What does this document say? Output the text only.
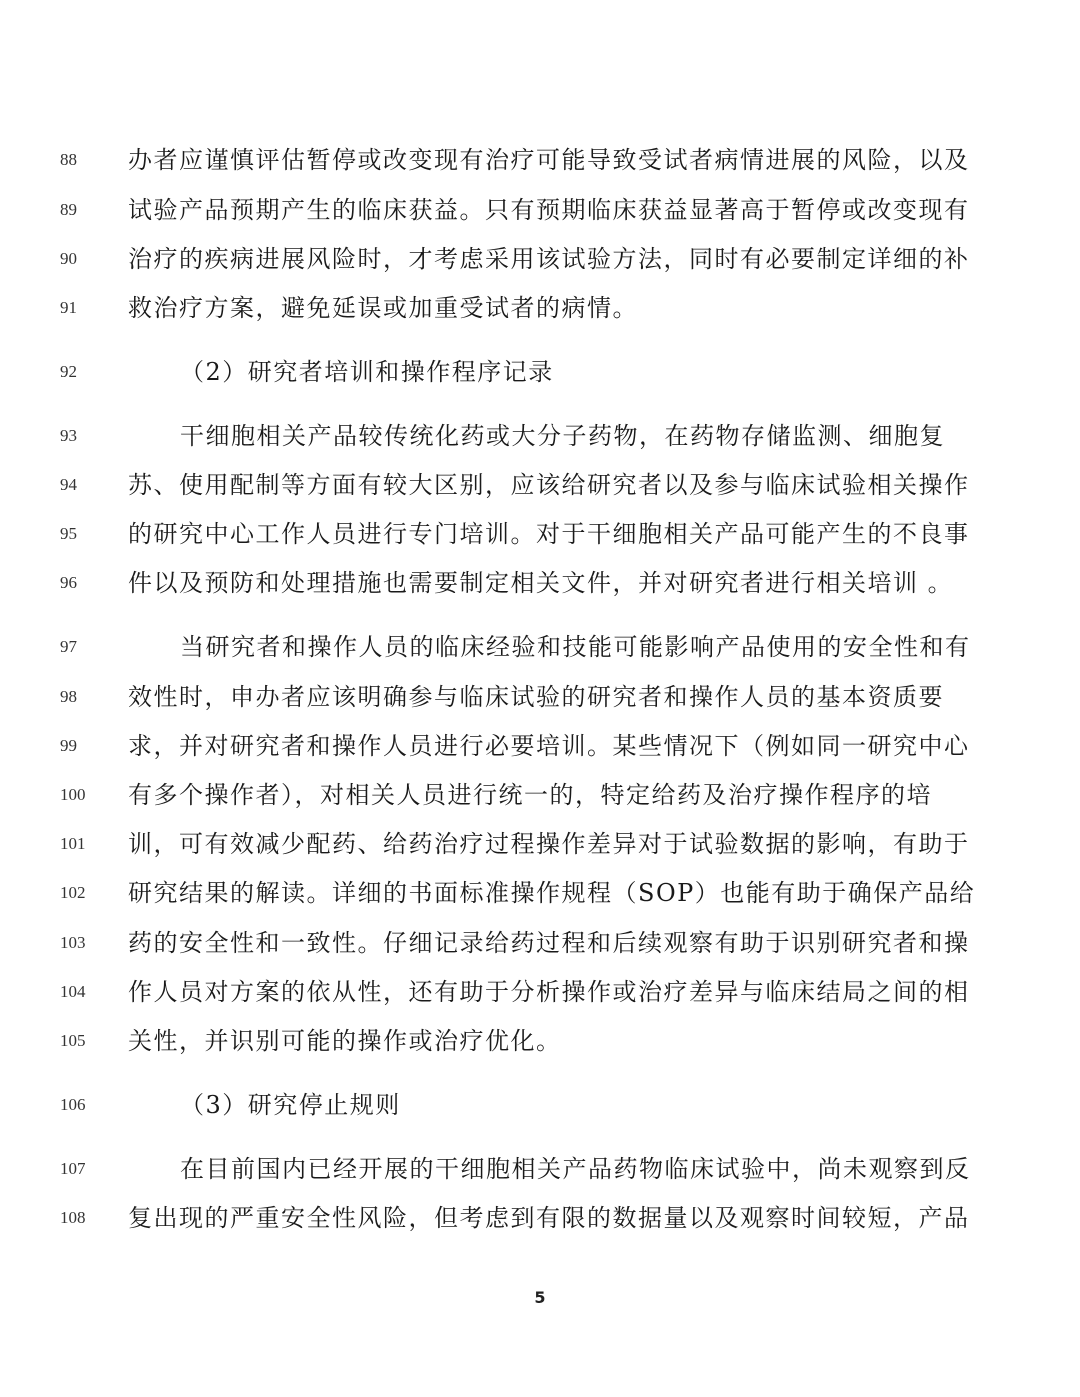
88	办者应谨慎评估暂停或改变现有治疗可能导致受试者病情进展的风险，以及
89	试验产品预期产生的临床获益。只有预期临床获益显著高于暂停或改变现有
90	治疗的疾病进展风险时，才考虑采用该试验方法，同时有必要制定详细的补
91	救治疗方案，避免延误或加重受试者的病情。
92	（2）研究者培训和操作程序记录
93	干细胞相关产品较传统化药或大分子药物，在药物存储监测、细胞复
94	苏、使用配制等方面有较大区别，应该给研究者以及参与临床试验相关操作
95	的研究中心工作人员进行专门培训。对于干细胞相关产品可能产生的不良事
96	件以及预防和处理措施也需要制定相关文件，并对研究者进行相关培训 。
97	当研究者和操作人员的临床经验和技能可能影响产品使用的安全性和有
98	效性时，申办者应该明确参与临床试验的研究者和操作人员的基本资质要
99	求，并对研究者和操作人员进行必要培训。某些情况下（例如同一研究中心
100	有多个操作者），对相关人员进行统一的，特定给药及治疗操作程序的培
101	训，可有效减少配药、给药治疗过程操作差异对于试验数据的影响，有助于
102	研究结果的解读。详细的书面标准操作规程（SOP）也能有助于确保产品给
103	药的安全性和一致性。仔细记录给药过程和后续观察有助于识别研究者和操
104	作人员对方案的依从性，还有助于分析操作或治疗差异与临床结局之间的相
105	关性，并识别可能的操作或治疗优化。
106	（3）研究停止规则
107	在目前国内已经开展的干细胞相关产品药物临床试验中，尚未观察到反
108	复出现的严重安全性风险，但考虑到有限的数据量以及观察时间较短，产品
5
